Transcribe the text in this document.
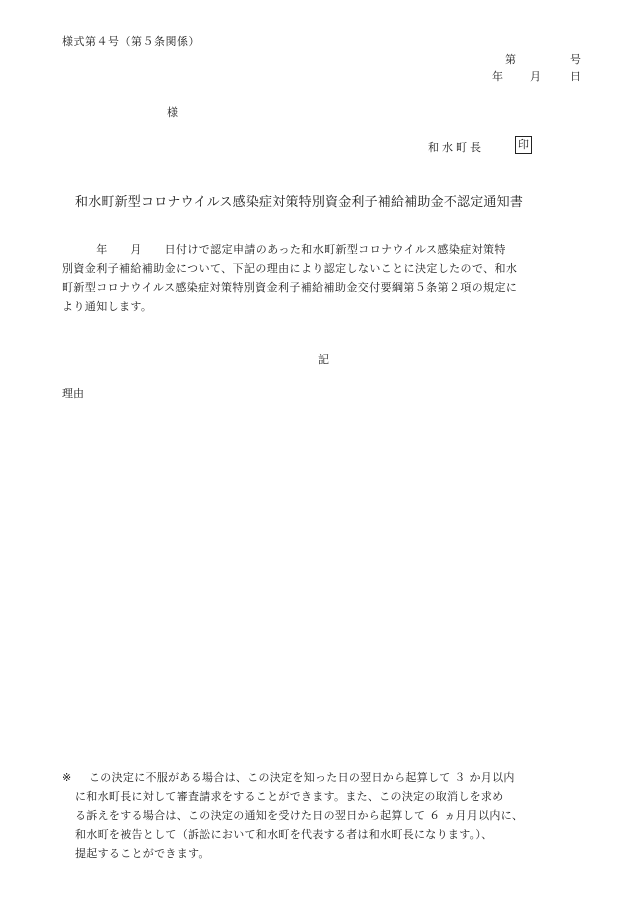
様式第４号（第５条関係）
第	号
年 月	日
様
和水町長	印
和水町新型コロナウイルス感染症対策特別資金利子補給補助金不認定通知書
　　　年　　月　　日付けで認定申請のあった和水町新型コロナウイルス感染症対策特
別資金利子補給補助金について、下記の理由により認定しないことに決定したので、和水
町新型コロナウイルス感染症対策特別資金利子補給補助金交付要綱第５条第２項の規定に
より通知します。
記
理由
※ この決定に不服がある場合は、この決定を知った日の翌日から起算して ３ か月以内
に和水町長に対して審査請求をすることができます。また、この決定の取消しを求め
る訴えをする場合は、この決定の通知を受けた日の翌日から起算して ６ ヵ月月以内に、
和水町を被告として（訴訟において和水町を代表する者は和水町長になります。）、
提起することができます。
